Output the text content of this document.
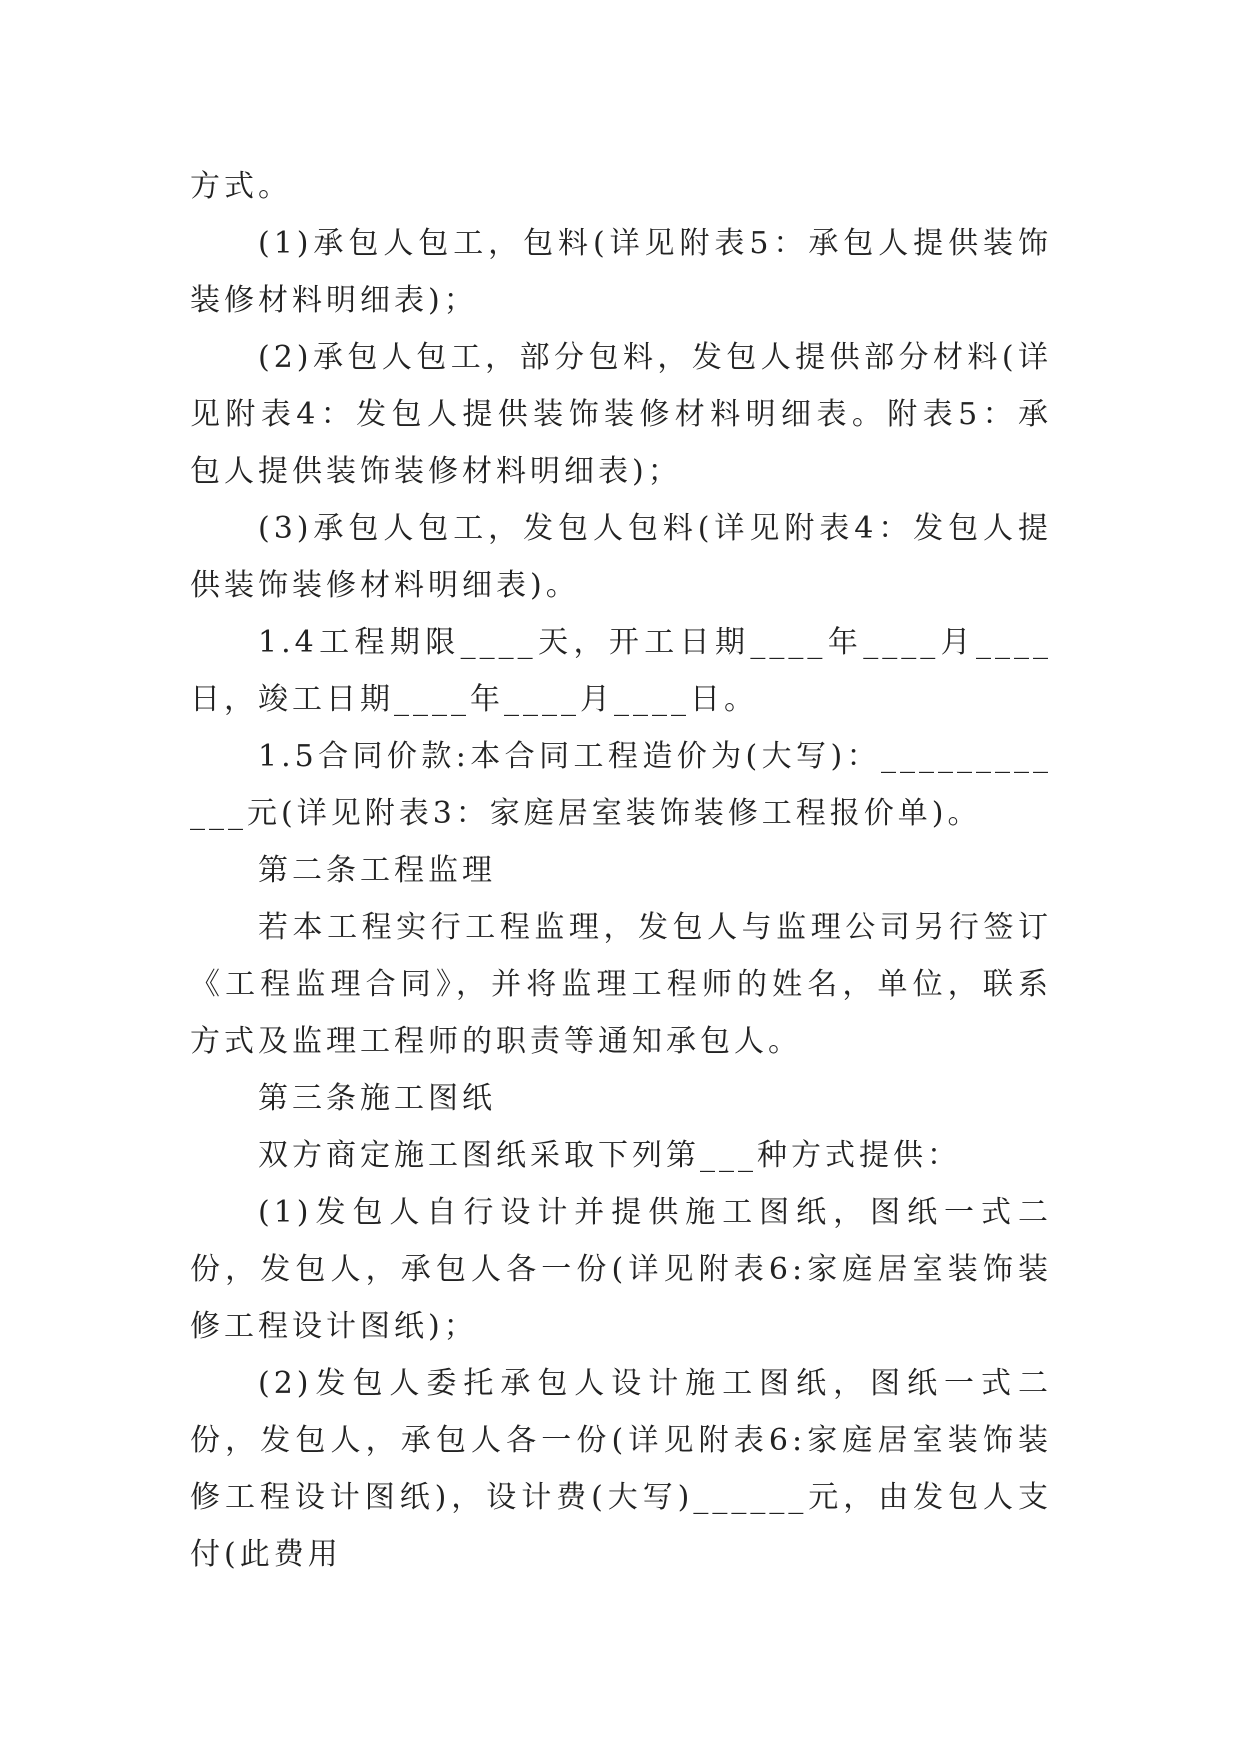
方式。

(1)承包人包工，包料(详见附表5：承包人提供装饰装修材料明细表)；

(2)承包人包工，部分包料，发包人提供部分材料(详见附表4：发包人提供装饰装修材料明细表。附表5：承包人提供装饰装修材料明细表)；

(3)承包人包工，发包人包料(详见附表4：发包人提供装饰装修材料明细表)。

1.4工程期限____天，开工日期____年____月____日，竣工日期____年____月____日。

1.5合同价款:本合同工程造价为(大写)：____________元(详见附表3：家庭居室装饰装修工程报价单)。

第二条工程监理

若本工程实行工程监理，发包人与监理公司另行签订《工程监理合同》，并将监理工程师的姓名，单位，联系方式及监理工程师的职责等通知承包人。

第三条施工图纸

双方商定施工图纸采取下列第___种方式提供：

(1)发包人自行设计并提供施工图纸，图纸一式二份，发包人，承包人各一份(详见附表6:家庭居室装饰装修工程设计图纸)；

(2)发包人委托承包人设计施工图纸，图纸一式二份，发包人，承包人各一份(详见附表6:家庭居室装饰装修工程设计图纸)，设计费(大写)______元，由发包人支付(此费用
